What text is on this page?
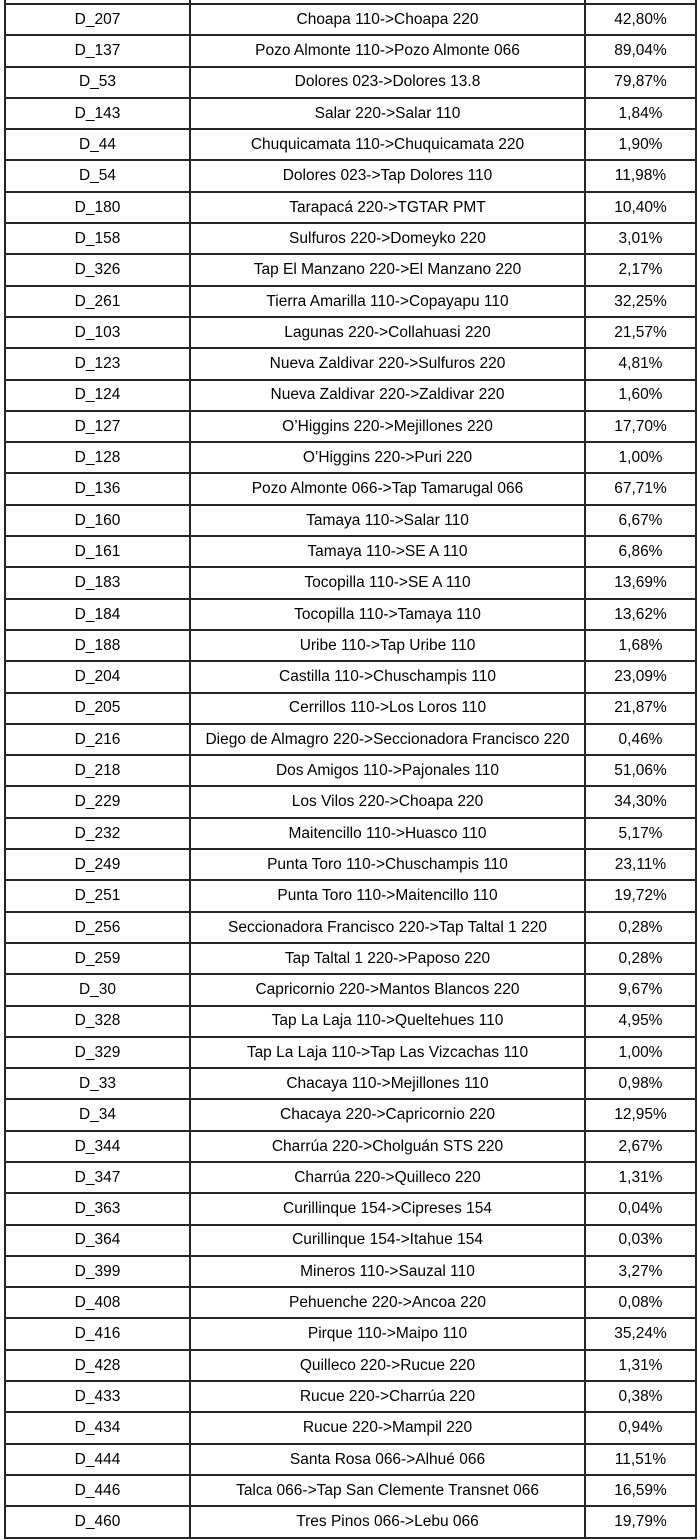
D_207	Choapa 110->Choapa 220	42,80%
D_137	Pozo Almonte 110->Pozo Almonte 066	89,04%
D_53	Dolores 023->Dolores 13.8	79,87%
D_143	Salar 220->Salar 110	1,84%
D_44	Chuquicamata 110->Chuquicamata 220	1,90%
D_54	Dolores 023->Tap Dolores 110	11,98%
D_180	Tarapacá 220->TGTAR PMT	10,40%
D_158	Sulfuros 220->Domeyko 220	3,01%
D_326	Tap El Manzano 220->El Manzano 220	2,17%
D_261	Tierra Amarilla 110->Copayapu 110	32,25%
D_103	Lagunas 220->Collahuasi 220	21,57%
D_123	Nueva Zaldivar 220->Sulfuros 220	4,81%
D_124	Nueva Zaldivar 220->Zaldivar 220	1,60%
D_127	O’Higgins 220->Mejillones 220	17,70%
D_128	O’Higgins 220->Puri 220	1,00%
D_136	Pozo Almonte 066->Tap Tamarugal 066	67,71%
D_160	Tamaya 110->Salar 110	6,67%
D_161	Tamaya 110->SE A 110	6,86%
D_183	Tocopilla 110->SE A 110	13,69%
D_184	Tocopilla 110->Tamaya 110	13,62%
D_188	Uribe 110->Tap Uribe 110	1,68%
D_204	Castilla 110->Chuschampis 110	23,09%
D_205	Cerrillos 110->Los Loros 110	21,87%
D_216	Diego de Almagro 220->Seccionadora Francisco 220	0,46%
D_218	Dos Amigos 110->Pajonales 110	51,06%
D_229	Los Vilos 220->Choapa 220	34,30%
D_232	Maitencillo 110->Huasco 110	5,17%
D_249	Punta Toro 110->Chuschampis 110	23,11%
D_251	Punta Toro 110->Maitencillo 110	19,72%
D_256	Seccionadora Francisco 220->Tap Taltal 1 220	0,28%
D_259	Tap Taltal 1 220->Paposo 220	0,28%
D_30	Capricornio 220->Mantos Blancos 220	9,67%
D_328	Tap La Laja 110->Queltehues 110	4,95%
D_329	Tap La Laja 110->Tap Las Vizcachas 110	1,00%
D_33	Chacaya 110->Mejillones 110	0,98%
D_34	Chacaya 220->Capricornio 220	12,95%
D_344	Charrúa 220->Cholguán STS 220	2,67%
D_347	Charrúa 220->Quilleco 220	1,31%
D_363	Curillinque 154->Cipreses 154	0,04%
D_364	Curillinque 154->Itahue 154	0,03%
D_399	Mineros 110->Sauzal 110	3,27%
D_408	Pehuenche 220->Ancoa 220	0,08%
D_416	Pirque 110->Maipo 110	35,24%
D_428	Quilleco 220->Rucue 220	1,31%
D_433	Rucue 220->Charrúa 220	0,38%
D_434	Rucue 220->Mampil 220	0,94%
D_444	Santa Rosa 066->Alhué 066	11,51%
D_446	Talca 066->Tap San Clemente Transnet 066	16,59%
D_460	Tres Pinos 066->Lebu 066	19,79%
